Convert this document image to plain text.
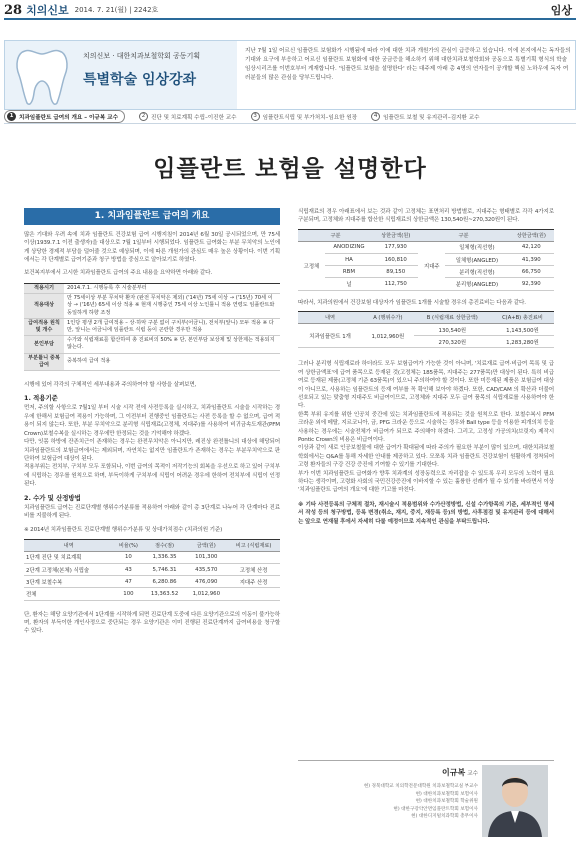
28 치의신보 2014. 7. 21(월) | 2242호	임상
치의신보 · 대한치과보철학회 공동기획
특별학술 임상강좌
지난 7월 1일 어르신 임플란트 보험화가 시행됨에 따라 이에 대한 치과 개원가의 관심이 급증하고 있습니다. 이에 본지에서는 독자들의 기대와 요구에 부응하고 어르신 임플란트 보험화에 대한 궁금증을 해소하기 위해 대한치과보철학회와 공동으로 특별기획 형식의 학술임상시리즈를 이번호부터 게재합니다. '임플란트 보험을 설명한다' 라는 대주제 아래 총 4명의 연자들이 공개할 핵심 노하우에 독자 여러분들의 많은 관심을 당부드립니다.
1 치과임플란트 급여의 개요 – 이규복 교수	2	진단 및 치료계획 수립–이진한 교수	3	임플란트식립 및 부가처치–임요한 원장	4	임플란트 보철 및 유지관리–김지환 교수
임플란트 보험을 설명한다
1. 치과임플란트 급여의 개요

많은 기대와 우려 속에 치과 임플란트 건강보험 급여 시행지침이 2014년 6월 30일 공시되었으며, 만 75세 이상(1939.7.1 이전 출생자)을 대상으로 7월 1일부터 시행되었다. 임플란트 급여화는 부분 무치악의 노인에게 상당한 경제적 부담을 덜어줄 것으로 예상되며, 이에 따른 개원가의 관심도 매우 높은 상황이다. 이번 기획에서는 각 단계별로 급여기준과 청구 방법을 중심으로 알아보기로 하였다.

보건복지부에서 고시한 치과임플란트 급여의 주요 내용을 요약하면 아래와 같다.

적용시기	2014.7.1. 시행등록 후 시술분부터
적용대상	만 75세이상 부분 무치악 환자 (완전 무치악은 제외) ('14년) 75세 이상 → ('15년) 70세 이상 → ('16년) 65세 이상 적용 ※ 현재 시행중인 75세 이상 노인틀니 적용 연령도 임플란트와 동일하게 하향 조정
급여적용 원칙 및 개수	1인당 평생 2개 급여적용 – 상·하악 구분 없이 구치부(어금니), 전치부(앞니) 모두 적용 ※ 다만, 앞니는 어금니에 임플란트 식립 등이 곤란한 경우만 적용
본인부담	수가와 식립재료를 합산하여 총 진료비의 50% ※ 단, 본인부담 보상제 및 상한제는 적용되지 않는다.
부분틀니 중복급여	중복하여 급여 적용

시행에 있어 각각의 구체적인 세부내용과 주의하여야 할 사항을 살펴보면,

1. 적용기준

먼저, 주의할 사항으로 7월1일 부터 시술 시작 전에 사전등록을 실시하고, 치과임플란트 시술을 시작하는 경우에 한해서 보험급여 적용이 가능하며, 그 이전부터 진행중인 임플란트는 사전 등록을 할 수 없으며, 급여 적용이 되지 않는다. 또한, 부분 무치악으로 분리형 식립재료(고정체, 지대주)를 사용하여 비귀금속도재관(PFM Crown)보철수복을 실시하는 경우에만 한정되는 것을 기억해야 하겠다.

다만, 잇몸 하방에 잔존치근이 존재하는 경우는 완전무치악은 아니지만, 레진상 완전틀니의 대상에 해당되어 치과임플란트의 보험급여에서는 제외되며, 자연치는 없지만 임플란트가 존재하는 경우는 부분무치악으로 판단하여 보험급여 대상이 된다.

적용부위는 전치부, 구치부 모두 포함되나, 이번 급여의 목적이 저작기능의 회복을 우선으로 하고 있어 구치부에 식립하는 경우를 원칙으로 하며, 부득이하게 구치부에 식립이 어려운 경우에 한하여 전치부에 식립이 인정된다.

2. 수가 및 산정방법

치과임플란트 급여는 진료단계별 행위수가분류를 적용하여 아래와 같이 총 3단계로 나누어 각 단계마다 진료비를 지불하게 된다.

※ 2014년 치과임플란트 진료단계별 행위수가분류 및 상대가치점수 (치과의원 기준)

내역	비율(%)	점수(점)	금액(원)	비고 (식립재료)
1단계 진단 및 치료계획	10	1,336.35	101,300	
2단계 고정체(본체) 식립술	43	5,746.31	435,570	고정체 산정
3단계 보철수복	47	6,280.86	476,090	지대주 산정
전체	100	13,363.52	1,012,960	

단, 환자는 해당 요양기관에서 1단계를 시작하게 되면 진료단계 도중에 다른 요양기관으로의 이동이 불가능하며, 환자의 부득이한 개인사정으로 중단되는 경우 요양기관은 이미 진행된 진료단계까지 급여비용을 청구할 수 있다.

식립재료의 경우 아래표에서 보는 것과 같이 고정체는 표면처리 방법별로, 지대주는 형태별로 각각 4가지로 구분되며, 고정체와 지대주를 합산한 식립재료의 상한금액은 130,540원~270,320원이 된다.

구분		상한금액(원)	구분		상한금액(원)
고정체	ANODIZING	177,930	지대주	일체형(직선형)	42,120
	HA	160,810		일체형(ANGLED)	41,390
	RBM	89,150		분리형(직선형)	66,750
	널	112,750		분리형(ANGLED)	92,390

따라서, 치과의원에서 건강보험 대상자가 임플란트 1개를 시술할 경우의 총진료비는 다음과 같다.

내역	A (행위수가)	B (식립재료 상한금액)	C(A+B) 총진료비
치과임플란트 1개	1,012,960원	130,540원	1,143,500원
		270,320원	1,283,280원

그러나 분리형 식립재료라 하더라도 모두 보험급여가 가능한 것이 아니며, '치료재료 급여·비급여 목록 및 급여 상한금액표'에 급여 품목으로 등재된 것(고정체는 185품목, 지대주는 277품목)만 대상이 된다. 특히 비급여로 등재된 제품(고정체 기준 63품목)이 있으니 주의하여야 할 것이다. 또한 미등재된 제품은 보험급여 대상이 아니므로, 사용하는 임플란트의 등재 여부를 꼭 확인해 보아야 하겠다. 또한, CAD/CAM 의 확산과 더불어 선호되고 있는 맞춤형 지대주도 비급여이므로, 고정체와 지대주 모두 급여 품목의 식립재료를 사용하여야 한다.

한쪽 부위 유지를 위한 인공치 중간에 있는 치과임플란트에 적용되는 것을 원칙으로 한다. 보철수복시 PFM 크라운 외에 메탈, 지르코니아, 금, PFG 크라운 등으로 시술하는 경우와 Ball type 등을 이용한 피개의치 등을 사용하는 경우에는 시술전체가 비급여가 되므로 주의해야 하겠다. 그리고, 고정성 가공의치(브릿지) 제작시 Pontic Crown의 비용은 비급여이다.

이상과 같이 새로 인공보철물에 대한 급여가 확대됨에 따라 주의가 필요한 부분이 많이 있으며, 대한치과보철학회에서는 Q&A를 통해 자세한 안내를 제공하고 있다. 모쪼록 치과 임플란트 건강보험이 원활하게 정착되어 고령 환자들의 구강 건강 증진에 기여할 수 있기를 기대한다.

부가 이번 치과임플란트 급여화가 향후 치과계의 성장동력으로 자리잡을 수 있도록 우리 모두의 노력이 필요하다는 생각이며, 고령화 사회의 국민건강증진에 이바지할 수 있는 훌륭한 선례가 될 수 있기를 바라면서 이상 '치과임플란트 급여의 개요'에 대한 기고를 마친다.

※ 기타 사전등록의 구체적 절차, 재시술시 적용범위와 수가산정방법, 신설 수가항목의 기준, 세부적인 명세서 작성 등의 청구방법, 등록 변경(취소, 재지, 중지, 재등록 등)의 방법, 사후점검 및 유지관리 등에 대해서는 앞으로 연재될 후에서 자세히 다룰 예정이므로 지속적인 관심을 부탁드립니다.

이규복 교수
현) 경북대학교 치의학전문대학원 치과보철학교실 부교수
현) 대한치과보철학회 보험이사
현) 대한치과보철학회 학술위원
현) 대한구강악안면임플란트학회 보험이사
현) 대한디지털치과학회 총무이사
